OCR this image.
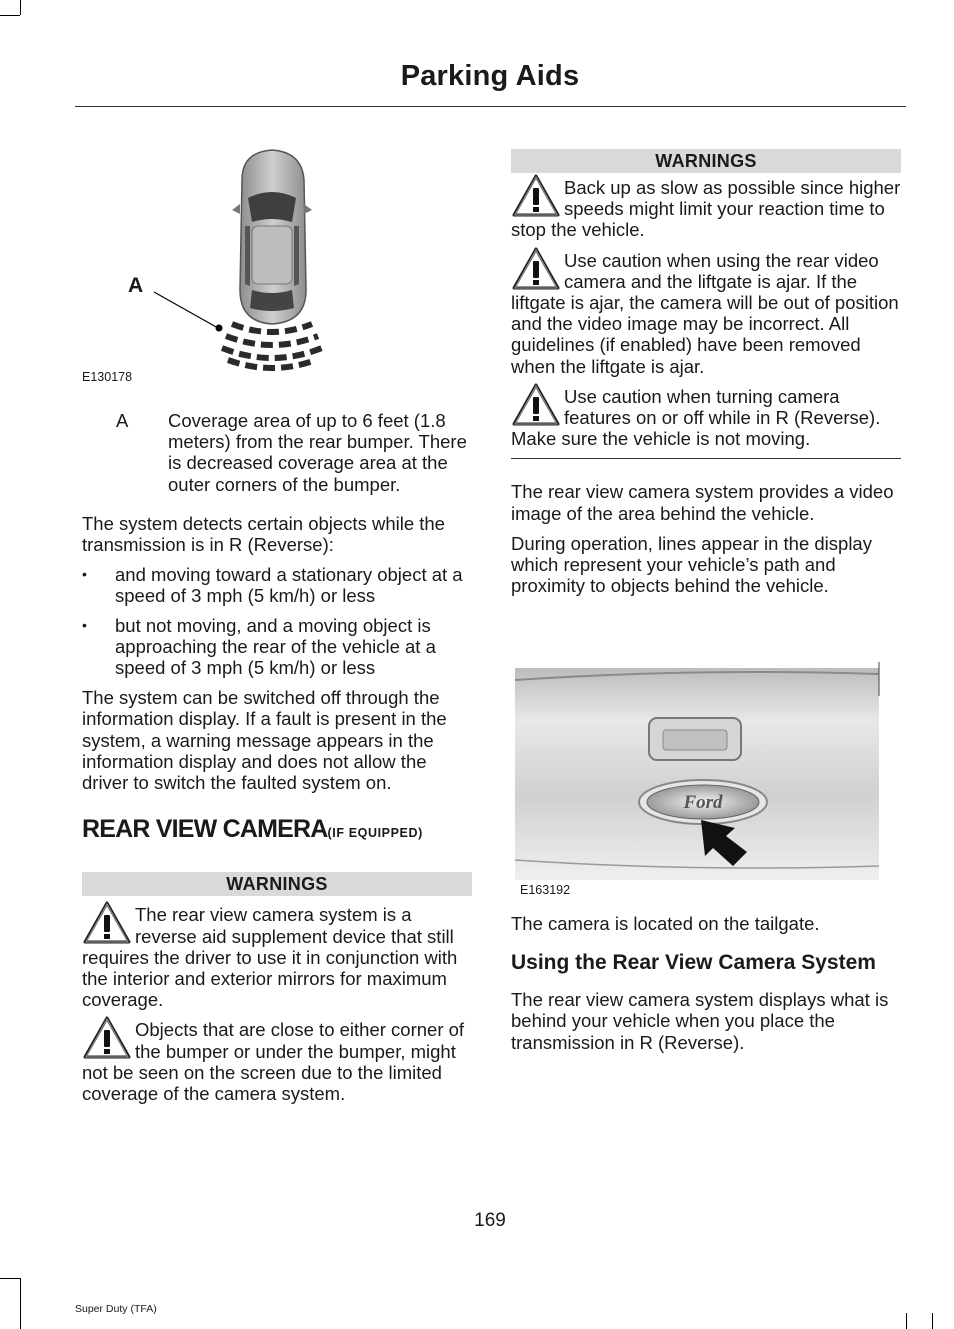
Parking Aids
A
E130178
A	Coverage area of up to 6 feet (1.8 meters) from the rear bumper. There is decreased coverage area at the outer corners of the bumper.
The system detects certain objects while the transmission is in R (Reverse):
• and moving toward a stationary object at a speed of 3 mph (5 km/h) or less
• but not moving, and a moving object is approaching the rear of the vehicle at a speed of 3 mph (5 km/h) or less
The system can be switched off through the information display. If a fault is present in the system, a warning message appears in the information display and does not allow the driver to switch the faulted system on.
REAR VIEW CAMERA(IF EQUIPPED)
WARNINGS
The rear view camera system is a reverse aid supplement device that still requires the driver to use it in conjunction with the interior and exterior mirrors for maximum coverage.
Objects that are close to either corner of the bumper or under the bumper, might not be seen on the screen due to the limited coverage of the camera system.
WARNINGS
Back up as slow as possible since higher speeds might limit your reaction time to stop the vehicle.
Use caution when using the rear video camera and the liftgate is ajar. If the liftgate is ajar, the camera will be out of position and the video image may be incorrect. All guidelines (if enabled) have been removed when the liftgate is ajar.
Use caution when turning camera features on or off while in R (Reverse). Make sure the vehicle is not moving.
The rear view camera system provides a video image of the area behind the vehicle.
During operation, lines appear in the display which represent your vehicle’s path and proximity to objects behind the vehicle.
Ford
E163192
The camera is located on the tailgate.
Using the Rear View Camera System
The rear view camera system displays what is behind your vehicle when you place the transmission in R (Reverse).
169
Super Duty (TFA)
